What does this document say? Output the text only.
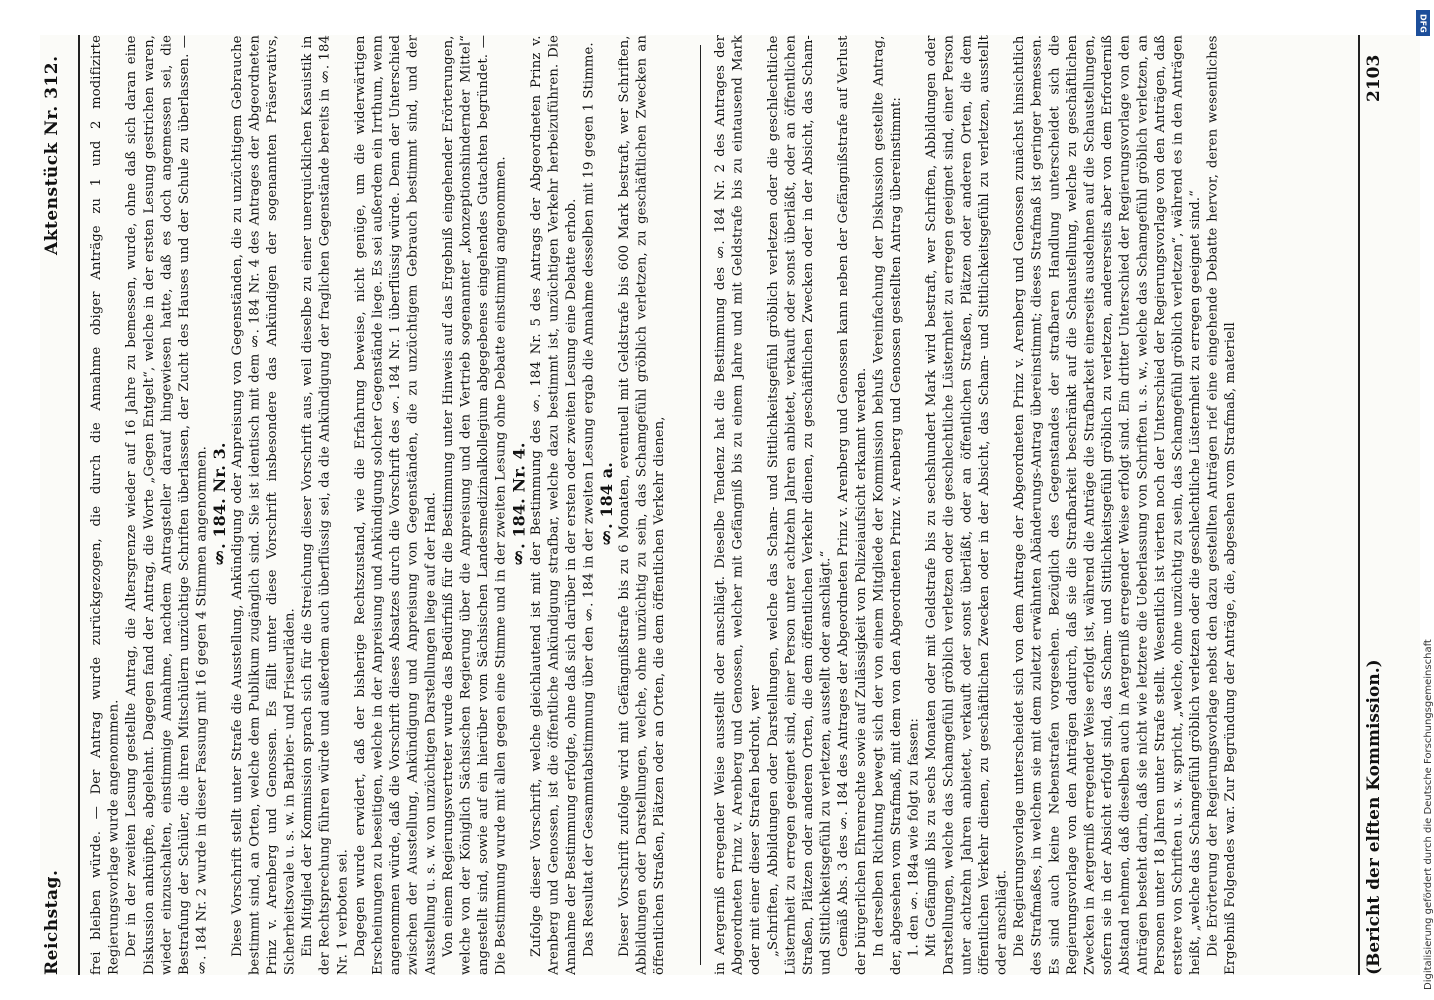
Reichstag.
Aktenstück Nr. 312. frei bleiben würde. — Der Antrag wurde zurückgezogen, die durch die Annahme obiger Anträge zu 1 und 2 modifizirte Regierungsvorlage wurde angenommen. Der in der zweiten Lesung gestellte Antrag, die Altersgrenze wieder auf 16 Jahre zu bemessen, wurde, ohne daß sich daran eine Diskussion anknüpfte, abgelehnt. Dagegen fand der Antrag, die Worte „Gegen Entgelt“, welche in der ersten Lesung gestrichen waren, wieder einzuschalten, einstimmige Annahme, nachdem Antragsteller darauf hingewiesen hatte, daß es doch angemessen sei, die Bestrafung der Schüler, die ihren Mitschülern unzüchtige Schriften überlassen, der Zucht des Hauses und der Schule zu überlassen. — §. 184 Nr. 2 wurde in dieser Fassung mit 16 gegen 4 Stimmen angenommen. §. 184. Nr. 3. Diese Vorschrift stellt unter Strafe die Ausstellung, Ankündigung oder Anpreisung von Gegenständen, die zu unzüchtigem Gebrauche bestimmt sind, an Orten, welche dem Publikum zugänglich sind. Sie ist identisch mit dem §. 184 Nr. 4 des Antrages der Abgeordneten Prinz v. Arenberg und Genossen. Es fällt unter diese Vorschrift insbesondere das Ankündigen der sogenannten Präservativs, Sicherheitsovale u. s. w. in Barbier- und Friseurläden. Ein Mitglied der Kommission sprach sich für die Streichung dieser Vorschrift aus, weil dieselbe zu einer unerquicklichen Kasuistik in der Rechtsprechung führen würde und außerdem auch überflüssig sei, da die Ankündigung der fraglichen Gegenstände bereits in §. 184 Nr. 1 verboten sei. Dagegen wurde erwidert, daß der bisherige Rechtszustand, wie die Erfahrung beweise, nicht genüge, um die widerwärtigen Erscheinungen zu beseitigen, welche in der Anpreisung und Ankündigung solcher Gegenstände liege. Es sei außerdem ein Irrthum, wenn angenommen würde, daß die Vorschrift dieses Absatzes durch die Vorschrift des §. 184 Nr. 1 überflüssig würde. Denn der Unterschied zwischen der Ausstellung, Ankündigung und Anpreisung von Gegenständen, die zu unzüchtigem Gebrauch bestimmt sind, und der Ausstellung u. s. w. von unzüchtigen Darstellungen liege auf der Hand. Von einem Regierungsvertreter wurde das Bedürfniß für die Bestimmung unter Hinweis auf das Ergebniß eingehender Erörterungen, welche von der Königlich Sächsischen Regierung über die Anpreisung und den Vertrieb sogenannter „konzeptionshindernder Mittel“ angestellt sind, sowie auf ein hierüber vom Sächsischen Landesmedizinalkollegium abgegebenes eingehendes Gutachten begründet. — Die Bestimmung wurde mit allen gegen eine Stimme und in der zweiten Lesung ohne Debatte einstimmig angenommen. §. 184. Nr. 4. Zufolge dieser Vorschrift, welche gleichlautend ist mit der Bestimmung des §. 184 Nr. 5 des Antrags der Abgeordneten Prinz v. Arenberg und Genossen, ist die öffentliche Ankündigung strafbar, welche dazu bestimmt ist, unzüchtigen Verkehr herbeizuführen. Die Annahme der Bestimmung erfolgte, ohne daß sich darüber in der ersten oder zweiten Lesung eine Debatte erhob. Das Resultat der Gesammtabstimmung über den §. 184 in der zweiten Lesung ergab die Annahme desselben mit 19 gegen 1 Stimme. §. 184 a. Dieser Vorschrift zufolge wird mit Gefängnißstrafe bis zu 6 Monaten, eventuell mit Geldstrafe bis 600 Mark bestraft, wer Schriften, Abbildungen oder Darstellungen, welche, ohne unzüchtig zu sein, das Schamgefühl gröblich verletzen, zu geschäftlichen Zwecken an öffentlichen Straßen, Plätzen oder an Orten, die dem öffentlichen Verkehr dienen,	in Aergerniß erregender Weise ausstellt oder anschlägt. Dieselbe Tendenz hat die Bestimmung des §. 184 Nr. 2 des Antrages der Abgeordneten Prinz v. Arenberg und Genossen, welcher mit Gefängniß bis zu einem Jahre und mit Geldstrafe bis zu eintausend Mark oder mit einer dieser Strafen bedroht, wer „Schriften, Abbildungen oder Darstellungen, welche das Scham- und Sittlichkeitsgefühl gröblich verletzen oder die geschlechtliche Lüsternheit zu erregen geeignet sind, einer Person unter achtzehn Jahren anbietet, verkauft oder sonst überläßt, oder an öffentlichen Straßen, Plätzen oder anderen Orten, die dem öffentlichen Verkehr dienen, zu geschäftlichen Zwecken oder in der Absicht, das Scham- und Sittlichkeitsgefühl zu verletzen, ausstellt oder anschlägt.“ Gemäß Abs. 3 des §. 184 des Antrages der Abgeordneten Prinz v. Arenberg und Genossen kann neben der Gefängnißstrafe auf Verlust der bürgerlichen Ehrenrechte sowie auf Zulässigkeit von Polizeiaufsicht erkannt werden. In derselben Richtung bewegt sich der von einem Mitgliede der Kommission behufs Vereinfachung der Diskussion gestellte Antrag, der, abgesehen vom Strafmaß, mit dem von den Abgeordneten Prinz v. Arenberg und Genossen gestellten Antrag übereinstimmt: 1. den §. 184a wie folgt zu fassen: Mit Gefängniß bis zu sechs Monaten oder mit Geldstrafe bis zu sechshundert Mark wird bestraft, wer Schriften, Abbildungen oder Darstellungen, welche das Schamgefühl gröblich verletzen oder die geschlechtliche Lüsternheit zu erregen geeignet sind, einer Person unter achtzehn Jahren anbietet, verkauft oder sonst überläßt, oder an öffentlichen Straßen, Plätzen oder anderen Orten, die dem öffentlichen Verkehr dienen, zu geschäftlichen Zwecken oder in der Absicht, das Scham- und Sittlichkeitsgefühl zu verletzen, ausstellt oder anschlägt. Die Regierungsvorlage unterscheidet sich von dem Antrage der Abgeordneten Prinz v. Arenberg und Genossen zunächst hinsichtlich des Strafmaßes, in welchem sie mit dem zuletzt erwähnten Abänderungs-Antrag übereinstimmt; dieses Strafmaß ist geringer bemessen. Es sind auch keine Nebenstrafen vorgesehen. Bezüglich des Gegenstandes der strafbaren Handlung unterscheidet sich die Regierungsvorlage von den Anträgen dadurch, daß sie die Strafbarkeit beschränkt auf die Schaustellung, welche zu geschäftlichen Zwecken in Aergerniß erregender Weise erfolgt ist, während die Anträge die Strafbarkeit einerseits ausdehnen auf die Schaustellungen, sofern sie in der Absicht erfolgt sind, das Scham- und Sittlichkeitsgefühl gröblich zu verletzen, andererseits aber von dem Erforderniß Abstand nehmen, daß dieselben auch in Aergerniß erregender Weise erfolgt sind. Ein dritter Unterschied der Regierungsvorlage von den Anträgen besteht darin, daß sie nicht wie letztere die Ueberlassung von Schriften u. s. w., welche das Schamgefühl gröblich verletzen, an Personen unter 18 Jahren unter Strafe stellt. Wesentlich ist vierten noch der Unterschied der Regierungsvorlage von den Anträgen, daß erstere von Schriften u. s. w. spricht, „welche, ohne unzüchtig zu sein, das Schamgefühl gröblich verletzen“, während es in den Anträgen heißt, „welche das Schamgefühl gröblich verletzen oder die geschlechtliche Lüsternheit zu erregen geeignet sind.“ Die Erörterung der Regierungsvorlage nebst den dazu gestellten Anträgen rief eine eingehende Debatte hervor, deren wesentliches Ergebniß Folgendes war. Zur Begründung der Anträge, die, abgesehen vom Strafmaß, materiell	(Bericht der elften Kommission.)
2103
Digitalisierung gefördert durch die Deutsche Forschungsgemeinschaft
DFG
